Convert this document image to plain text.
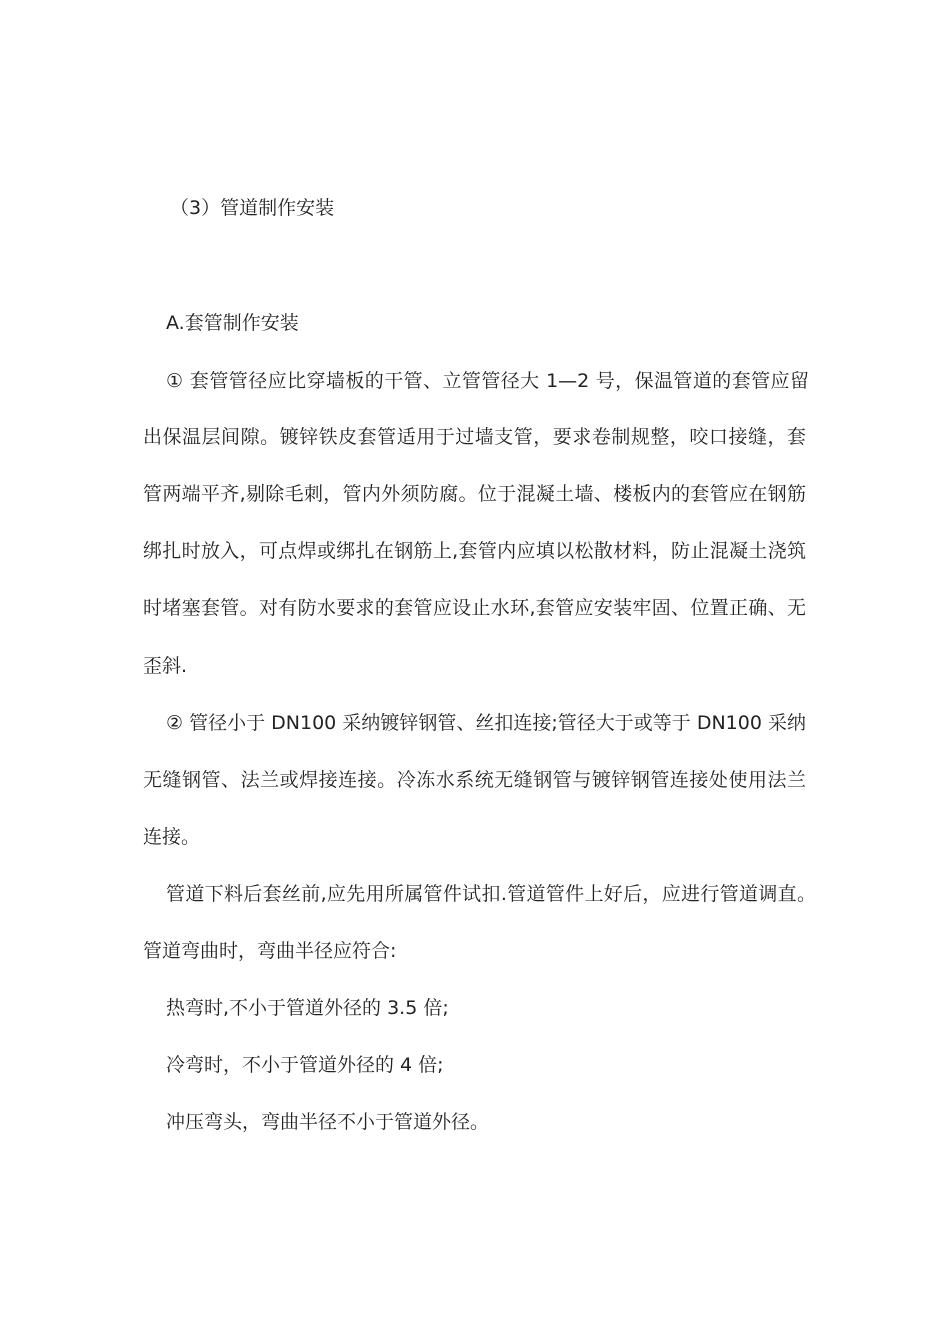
（3）管道制作安装
A.套管制作安装
① 套管管径应比穿墙板的干管、立管管径大 1—2 号，保温管道的套管应留
出保温层间隙。镀锌铁皮套管适用于过墙支管，要求卷制规整，咬口接缝，套
管两端平齐,剔除毛刺，管内外须防腐。位于混凝土墙、楼板内的套管应在钢筋
绑扎时放入，可点焊或绑扎在钢筋上,套管内应填以松散材料，防止混凝土浇筑
时堵塞套管。对有防水要求的套管应设止水环,套管应安装牢固、位置正确、无
歪斜.
② 管径小于 DN100 采纳镀锌钢管、丝扣连接;管径大于或等于 DN100 采纳
无缝钢管、法兰或焊接连接。冷冻水系统无缝钢管与镀锌钢管连接处使用法兰
连接。
管道下料后套丝前,应先用所属管件试扣.管道管件上好后，应进行管道调直。
管道弯曲时，弯曲半径应符合:
热弯时,不小于管道外径的 3.5 倍;
冷弯时，不小于管道外径的 4 倍;
冲压弯头，弯曲半径不小于管道外径。
